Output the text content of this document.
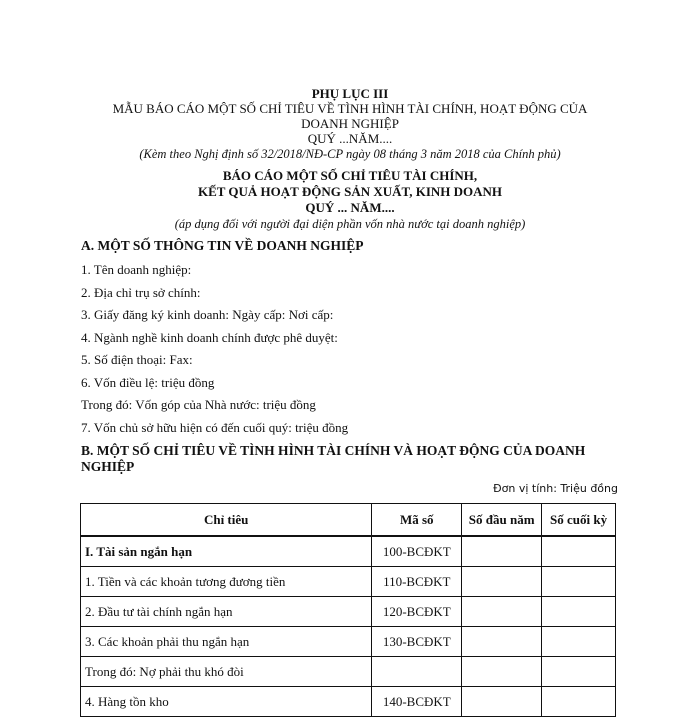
PHỤ LỤC III
MẪU BÁO CÁO MỘT SỐ CHỈ TIÊU VỀ TÌNH HÌNH TÀI CHÍNH, HOẠT ĐỘNG CỦA
DOANH NGHIỆP
QUÝ ...NĂM....
(Kèm theo Nghị định số 32/2018/NĐ-CP ngày 08 tháng 3 năm 2018 của Chính phủ)
BÁO CÁO MỘT SỐ CHỈ TIÊU TÀI CHÍNH,
KẾT QUẢ HOẠT ĐỘNG SẢN XUẤT, KINH DOANH
QUÝ ... NĂM....
(áp dụng đối với người đại diện phần vốn nhà nước tại doanh nghiệp)
A. MỘT SỐ THÔNG TIN VỀ DOANH NGHIỆP
1. Tên doanh nghiệp:
2. Địa chỉ trụ sở chính:
3. Giấy đăng ký kinh doanh: Ngày cấp: Nơi cấp:
4. Ngành nghề kinh doanh chính được phê duyệt:
5. Số điện thoại: Fax:
6. Vốn điều lệ: triệu đồng
Trong đó: Vốn góp của Nhà nước: triệu đồng
7. Vốn chủ sở hữu hiện có đến cuối quý: triệu đồng
B. MỘT SỐ CHỈ TIÊU VỀ TÌNH HÌNH TÀI CHÍNH VÀ HOẠT ĐỘNG CỦA DOANH NGHIỆP
Đơn vị tính: Triệu đồng
Chỉ tiêu	Mã số	Số đầu năm	Số cuối kỳ
I. Tài sản ngắn hạn	100-BCĐKT		
1. Tiền và các khoản tương đương tiền	110-BCĐKT		
2. Đầu tư tài chính ngắn hạn	120-BCĐKT		
3. Các khoản phải thu ngắn hạn	130-BCĐKT		
Trong đó: Nợ phải thu khó đòi			
4. Hàng tồn kho	140-BCĐKT		
